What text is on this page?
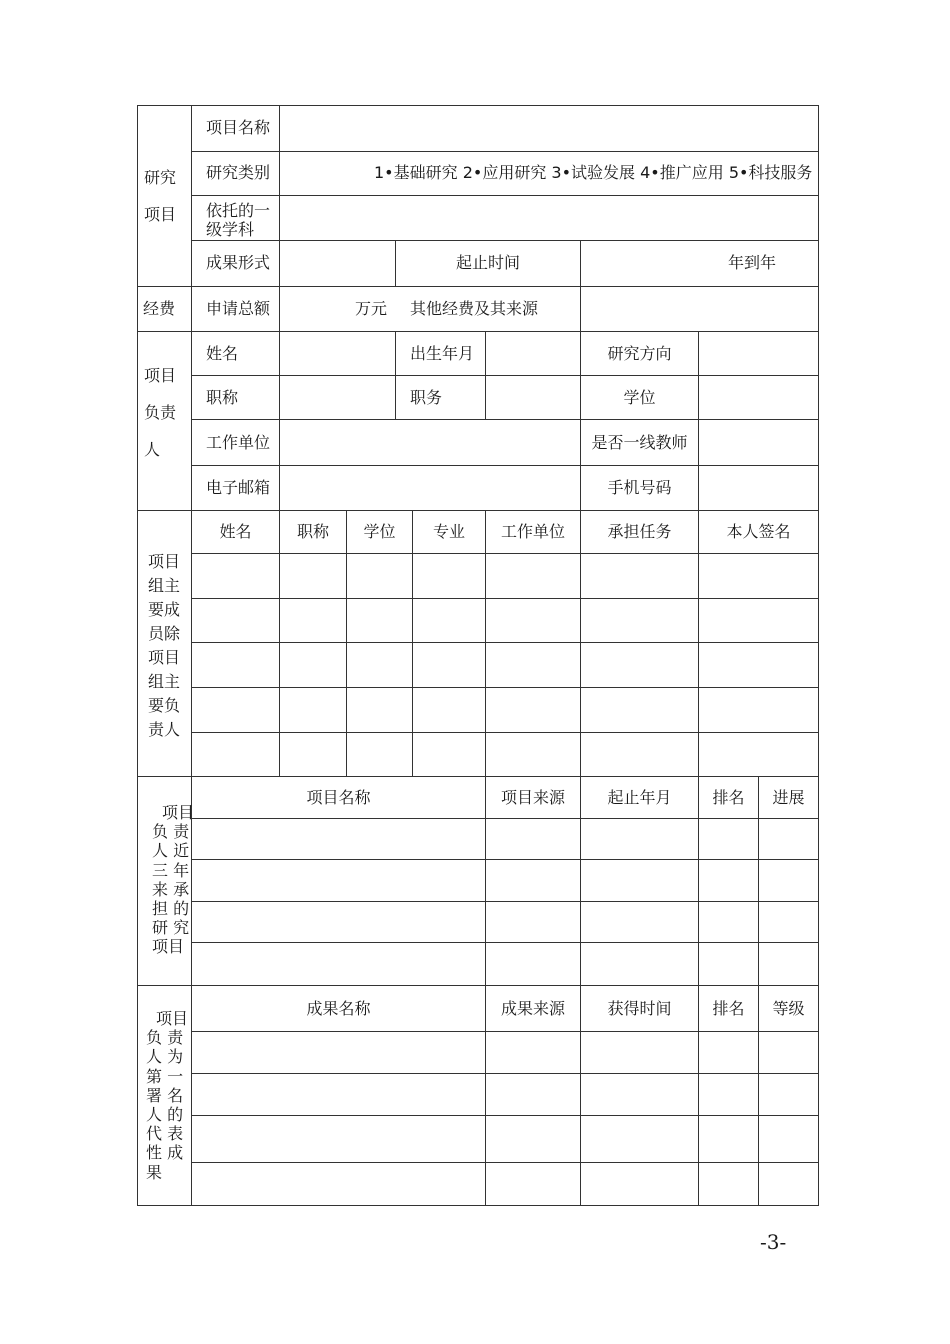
研究
项目
项目名称
研究类别	1•基础研究 2•应用研究 3•试验发展 4•推广应用 5•科技服务
依托的一
级学科
成果形式	起止时间	年到年
经费 申请总额	万元 其他经费及其来源
项目
负责
人
姓名	出生年月	研究方向
职称	职务	学位
工作单位	是否一线教师
电子邮箱	手机号码
项目
组主
要成
员除
项目
组主
要负
责人
姓名	职称	学位	专业	工作单位	承担任务	本人签名
项目
负 责
人 近
三 年
来 承
担 的
研 究
项目
项目名称	项目来源	起止年月	排名	进展
项目
负 责
人 为
第 一
署 名
人 的
代 表
性 成
果
成果名称	成果来源	获得时间	排名	等级
-3-
